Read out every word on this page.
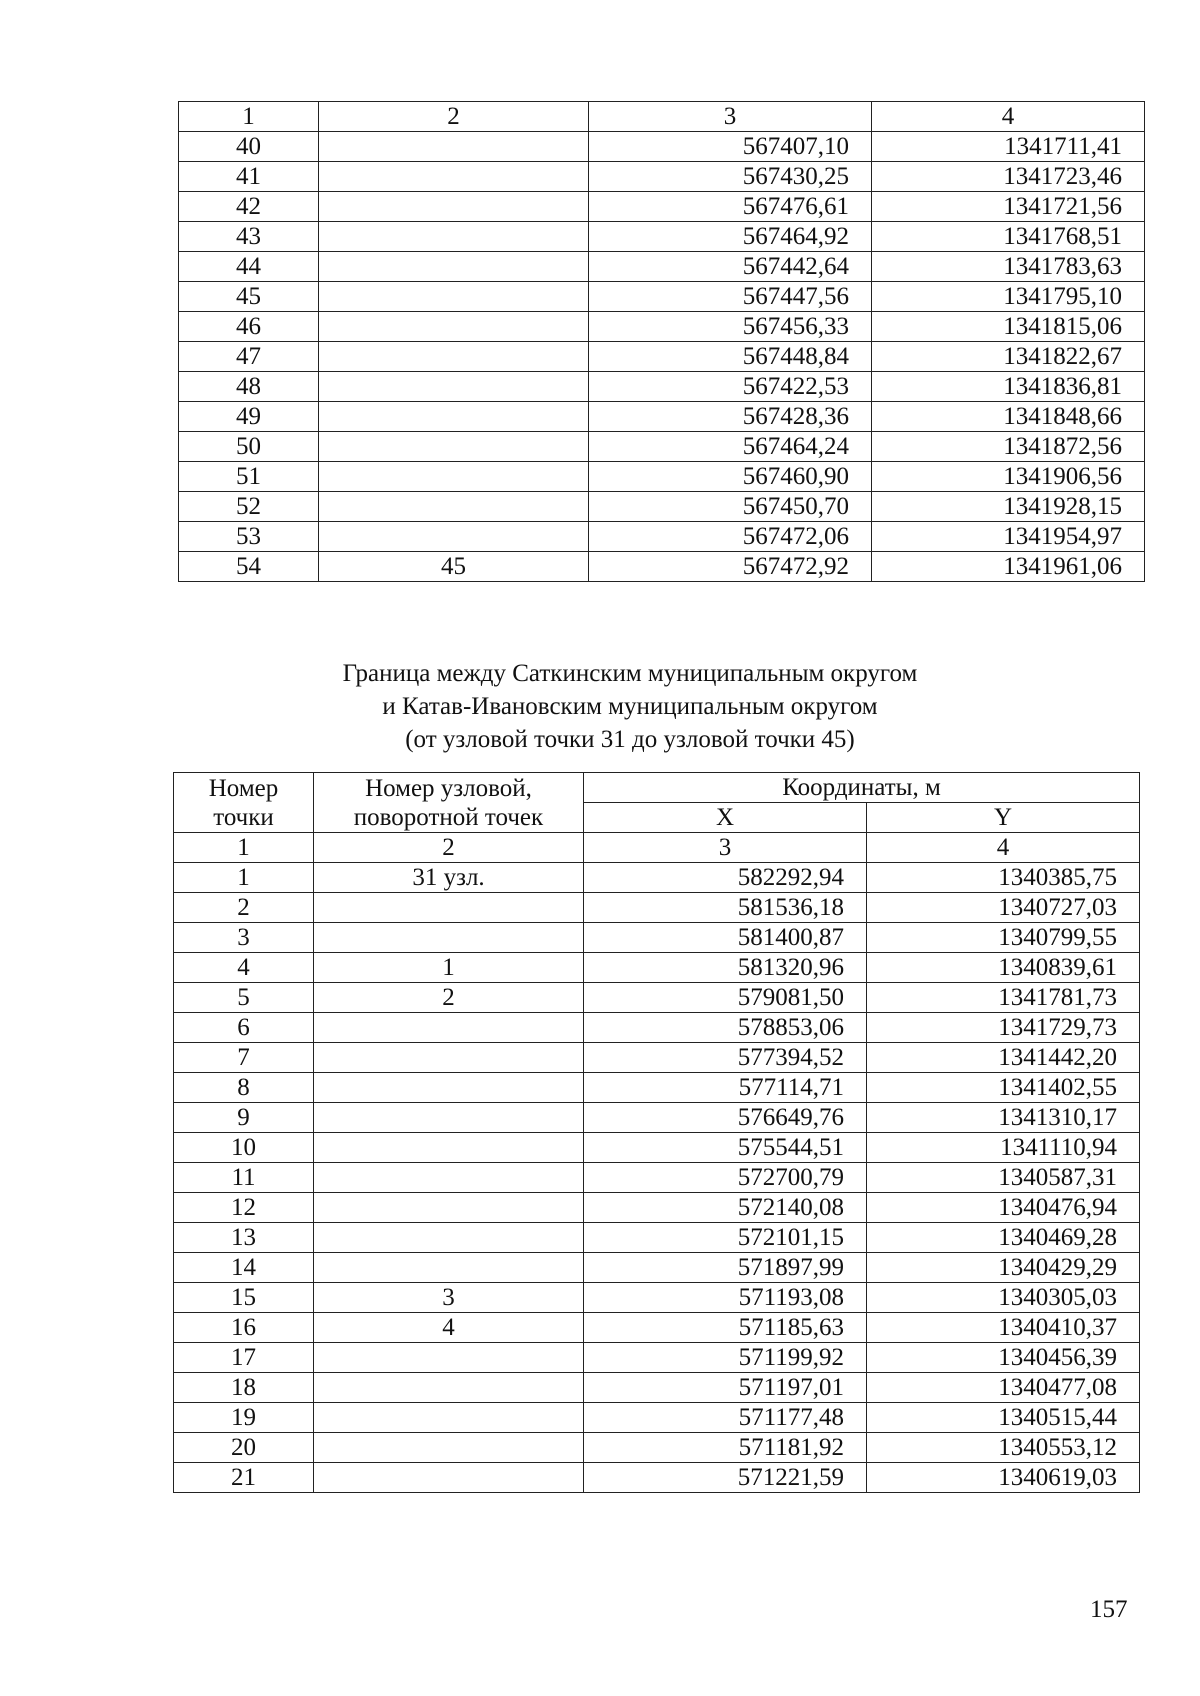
1	2	3	4
40		567407,10	1341711,41
41		567430,25	1341723,46
42		567476,61	1341721,56
43		567464,92	1341768,51
44		567442,64	1341783,63
45		567447,56	1341795,10
46		567456,33	1341815,06
47		567448,84	1341822,67
48		567422,53	1341836,81
49		567428,36	1341848,66
50		567464,24	1341872,56
51		567460,90	1341906,56
52		567450,70	1341928,15
53		567472,06	1341954,97
54	45	567472,92	1341961,06
Граница между Саткинским муниципальным округом
и Катав-Ивановским муниципальным округом
(от узловой точки 31 до узловой точки 45)
Номер точки	Номер узловой, поворотной точек	Координаты, м	
		X	Y
1	2	3	4
1	31 узл.	582292,94	1340385,75
2		581536,18	1340727,03
3		581400,87	1340799,55
4	1	581320,96	1340839,61
5	2	579081,50	1341781,73
6		578853,06	1341729,73
7		577394,52	1341442,20
8		577114,71	1341402,55
9		576649,76	1341310,17
10		575544,51	1341110,94
11		572700,79	1340587,31
12		572140,08	1340476,94
13		572101,15	1340469,28
14		571897,99	1340429,29
15	3	571193,08	1340305,03
16	4	571185,63	1340410,37
17		571199,92	1340456,39
18		571197,01	1340477,08
19		571177,48	1340515,44
20		571181,92	1340553,12
21		571221,59	1340619,03
157
